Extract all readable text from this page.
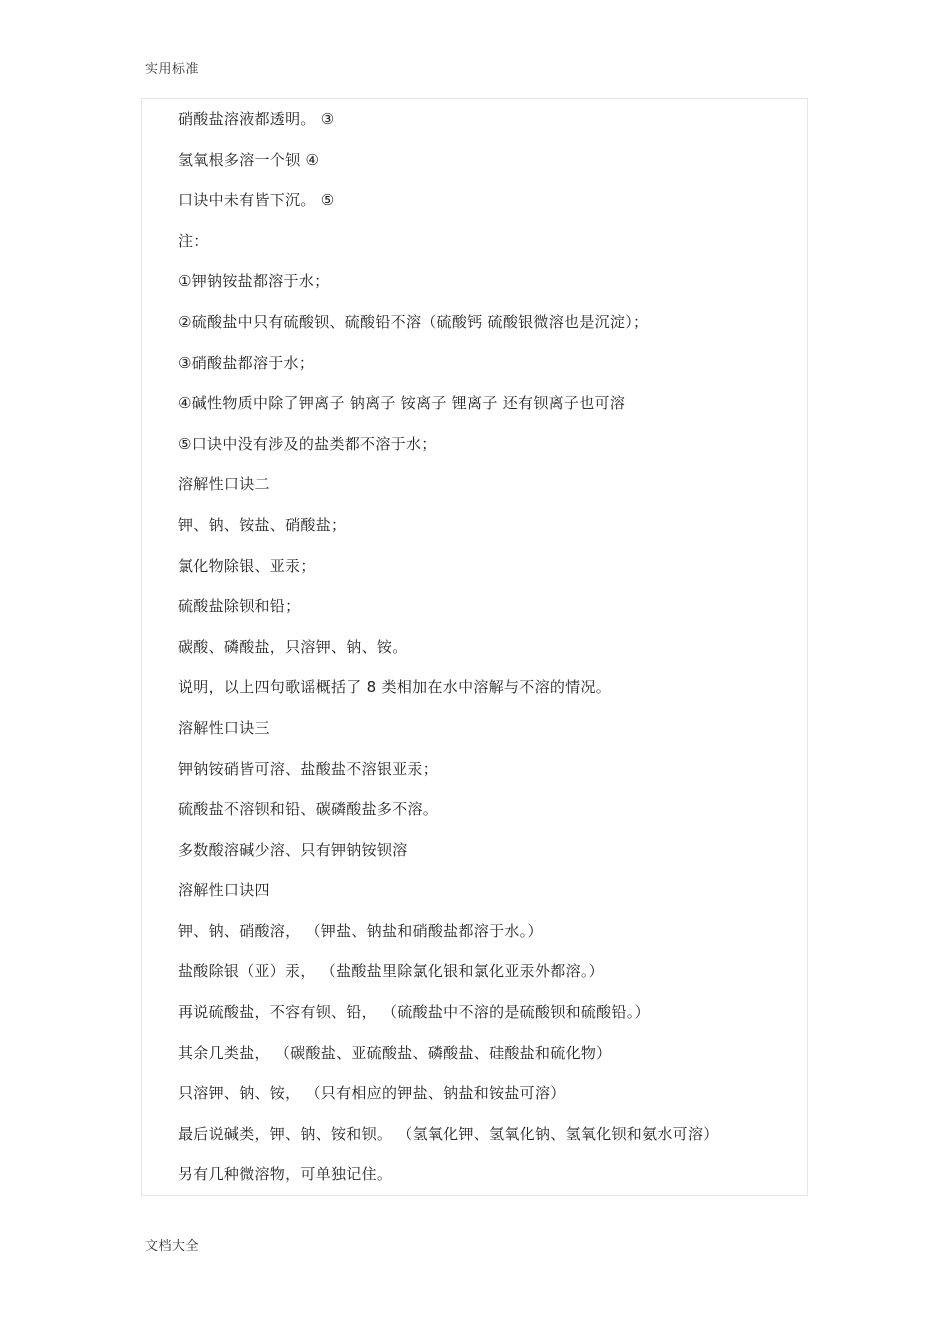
实用标准
硝酸盐溶液都透明。 ③
氢氧根多溶一个钡 ④
口诀中未有皆下沉。 ⑤
注：
①钾钠铵盐都溶于水；
②硫酸盐中只有硫酸钡、硫酸铅不溶（硫酸钙 硫酸银微溶也是沉淀）；
③硝酸盐都溶于水；
④碱性物质中除了钾离子 钠离子 铵离子 锂离子 还有钡离子也可溶
⑤口诀中没有涉及的盐类都不溶于水；
溶解性口诀二
钾、钠、铵盐、硝酸盐；
氯化物除银、亚汞；
硫酸盐除钡和铅；
碳酸、磷酸盐，只溶钾、钠、铵。
说明，以上四句歌谣概括了 8 类相加在水中溶解与不溶的情况。
溶解性口诀三
钾钠铵硝皆可溶、盐酸盐不溶银亚汞；
硫酸盐不溶钡和铅、碳磷酸盐多不溶。
多数酸溶碱少溶、只有钾钠铵钡溶
溶解性口诀四
钾、钠、硝酸溶， （钾盐、钠盐和硝酸盐都溶于水。）
盐酸除银（亚）汞， （盐酸盐里除氯化银和氯化亚汞外都溶。）
再说硫酸盐，不容有钡、铅， （硫酸盐中不溶的是硫酸钡和硫酸铅。）
其余几类盐， （碳酸盐、亚硫酸盐、磷酸盐、硅酸盐和硫化物）
只溶钾、钠、铵， （只有相应的钾盐、钠盐和铵盐可溶）
最后说碱类，钾、钠、铵和钡。 （氢氧化钾、氢氧化钠、氢氧化钡和氨水可溶）
另有几种微溶物，可单独记住。
文档大全
